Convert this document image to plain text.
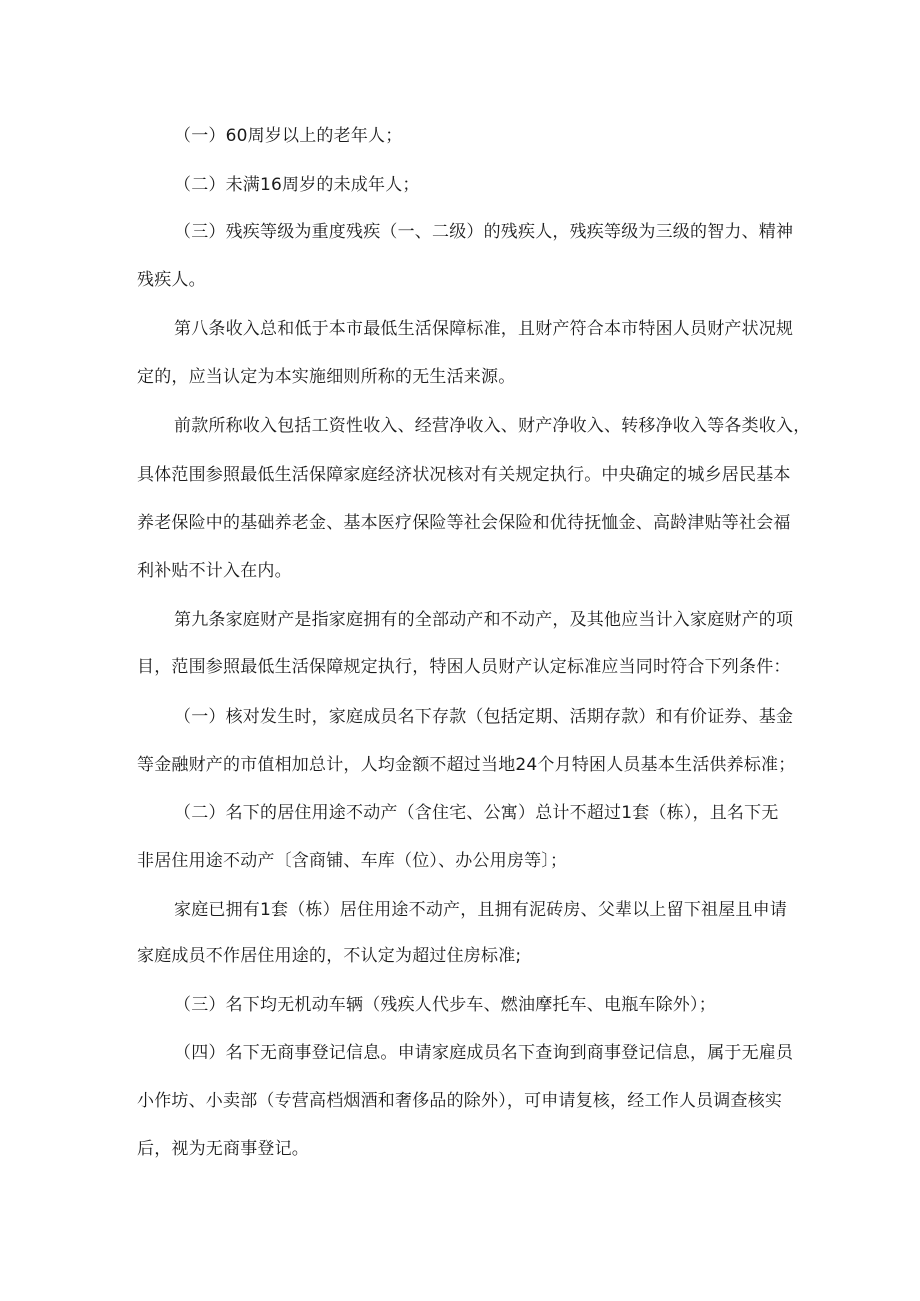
（一）60周岁以上的老年人；
（二）未满16周岁的未成年人；
（三）残疾等级为重度残疾（一、二级）的残疾人，残疾等级为三级的智力、精神
残疾人。
第八条收入总和低于本市最低生活保障标准，且财产符合本市特困人员财产状况规
定的，应当认定为本实施细则所称的无生活来源。
前款所称收入包括工资性收入、经营净收入、财产净收入、转移净收入等各类收入，
具体范围参照最低生活保障家庭经济状况核对有关规定执行。中央确定的城乡居民基本
养老保险中的基础养老金、基本医疗保险等社会保险和优待抚恤金、高龄津贴等社会福
利补贴不计入在内。
第九条家庭财产是指家庭拥有的全部动产和不动产，及其他应当计入家庭财产的项
目，范围参照最低生活保障规定执行，特困人员财产认定标准应当同时符合下列条件：
（一）核对发生时，家庭成员名下存款（包括定期、活期存款）和有价证券、基金
等金融财产的市值相加总计，人均金额不超过当地24个月特困人员基本生活供养标准；
（二）名下的居住用途不动产（含住宅、公寓）总计不超过1套（栋），且名下无
非居住用途不动产〔含商铺、车库（位）、办公用房等〕；
家庭已拥有1套（栋）居住用途不动产，且拥有泥砖房、父辈以上留下祖屋且申请
家庭成员不作居住用途的，不认定为超过住房标准;
（三）名下均无机动车辆（残疾人代步车、燃油摩托车、电瓶车除外）；
（四）名下无商事登记信息。申请家庭成员名下查询到商事登记信息，属于无雇员
小作坊、小卖部（专营高档烟酒和奢侈品的除外），可申请复核，经工作人员调查核实
后，视为无商事登记。
